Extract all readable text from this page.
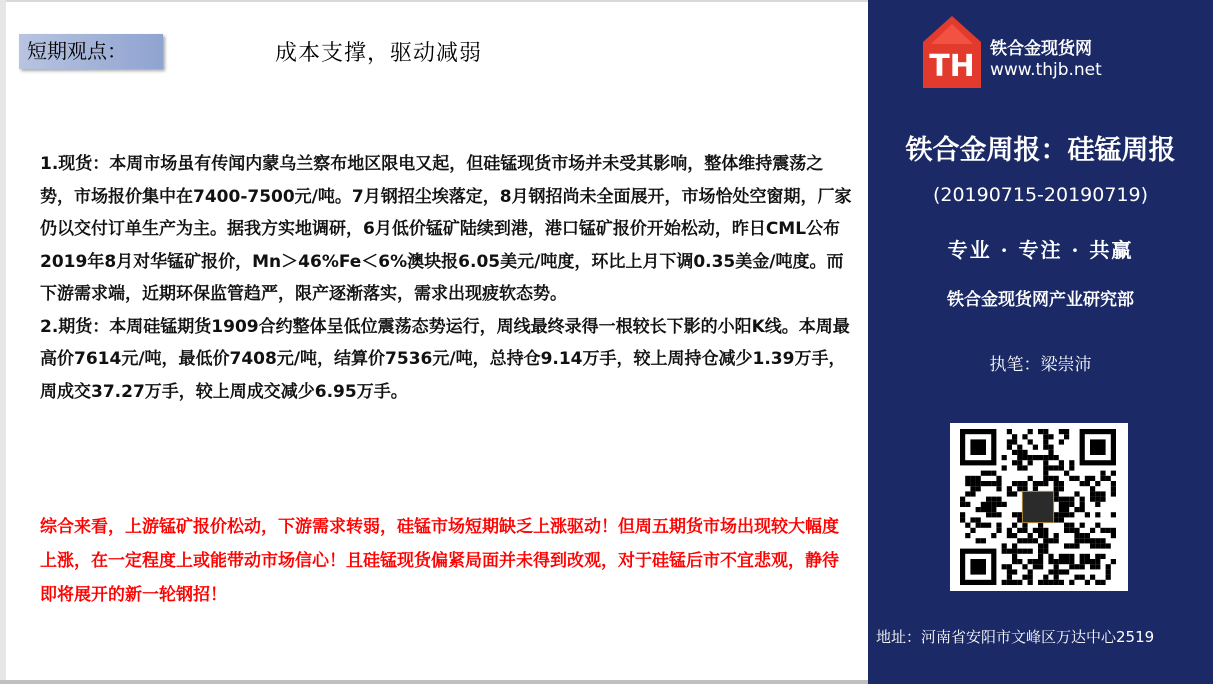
短期观点：	成本支撑，驱动减弱

1.现货：本周市场虽有传闻内蒙乌兰察布地区限电又起，但硅锰现货市场并未受其影响，整体维持震荡之势，市场报价集中在7400-7500元/吨。7月钢招尘埃落定，8月钢招尚未全面展开，市场恰处空窗期，厂家仍以交付订单生产为主。据我方实地调研，6月低价锰矿陆续到港，港口锰矿报价开始松动，昨日CML公布2019年8月对华锰矿报价，Mn＞46%Fe＜6%澳块报6.05美元/吨度，环比上月下调0.35美金/吨度。而下游需求端，近期环保监管趋严，限产逐渐落实，需求出现疲软态势。

2.期货：本周硅锰期货1909合约整体呈低位震荡态势运行，周线最终录得一根较长下影的小阳K线。本周最高价7614元/吨，最低价7408元/吨，结算价7536元/吨，总持仓9.14万手，较上周持仓减少1.39万手，周成交37.27万手，较上周成交减少6.95万手。

综合来看，上游锰矿报价松动，下游需求转弱，硅锰市场短期缺乏上涨驱动！但周五期货市场出现较大幅度上涨，在一定程度上或能带动市场信心！且硅锰现货偏紧局面并未得到改观，对于硅锰后市不宜悲观，静待即将展开的新一轮钢招！
TH 铁合金现货网
www.thjb.net
铁合金周报：硅锰周报
(20190715-20190719)
专业 · 专注 · 共赢
铁合金现货网产业研究部
执笔：梁崇沛
地址：河南省安阳市文峰区万达中心2519
